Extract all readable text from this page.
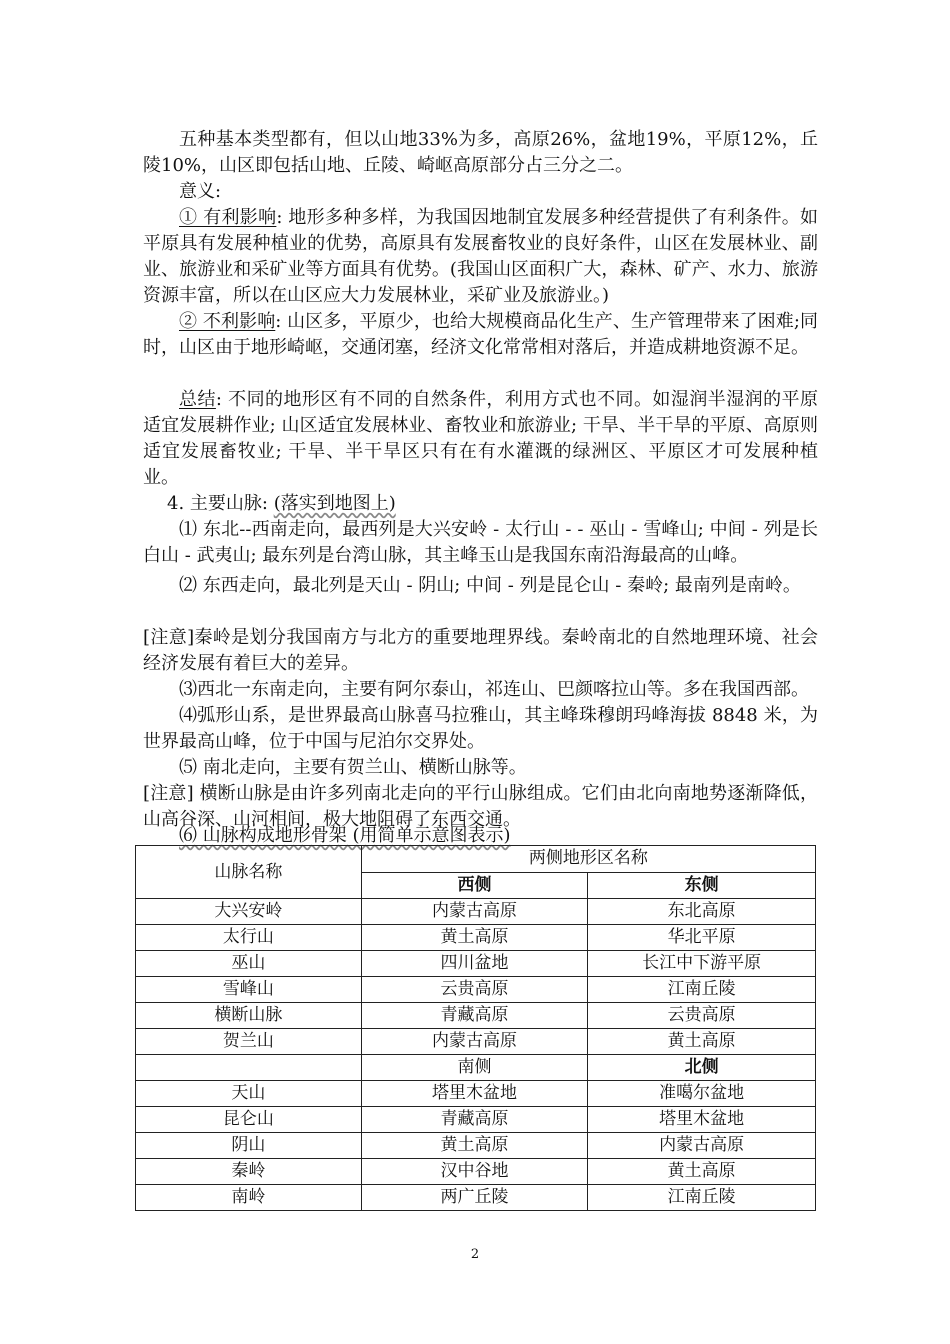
五种基本类型都有，但以山地33%为多，高原26%，盆地19%，平原12%，丘陵10%，山区即包括山地、丘陵、崎岖高原部分占三分之二。

意义:

① 有利影响: 地形多种多样，为我国因地制宜发展多种经营提供了有利条件。如平原具有发展种植业的优势，高原具有发展畜牧业的良好条件，山区在发展林业、副业、旅游业和采矿业等方面具有优势。(我国山区面积广大，森林、矿产、水力、旅游资源丰富，所以在山区应大力发展林业，采矿业及旅游业。)

② 不利影响: 山区多，平原少，也给大规模商品化生产、生产管理带来了困难;同时，山区由于地形崎岖，交通闭塞，经济文化常常相对落后，并造成耕地资源不足。

总结: 不同的地形区有不同的自然条件，利用方式也不同。如湿润半湿润的平原适宜发展耕作业; 山区适宜发展林业、畜牧业和旅游业; 干旱、半干旱的平原、高原则适宜发展畜牧业; 干旱、半干旱区只有在有水灌溉的绿洲区、平原区才可发展种植业。

4. 主要山脉: (落实到地图上)

⑴ 东北--西南走向，最西列是大兴安岭 - 太行山 - - 巫山 - 雪峰山; 中间 - 列是长白山 - 武夷山; 最东列是台湾山脉，其主峰玉山是我国东南沿海最高的山峰。

⑵ 东西走向，最北列是天山 - 阴山; 中间 - 列是昆仑山 - 秦岭; 最南列是南岭。

[注意]秦岭是划分我国南方与北方的重要地理界线。秦岭南北的自然地理环境、社会经济发展有着巨大的差异。

⑶西北一东南走向，主要有阿尔泰山，祁连山、巴颜喀拉山等。多在我国西部。

⑷弧形山系，是世界最高山脉喜马拉雅山，其主峰珠穆朗玛峰海拔 8848 米，为世界最高山峰，位于中国与尼泊尔交界处。

⑸ 南北走向，主要有贺兰山、横断山脉等。

[注意] 横断山脉是由许多列南北走向的平行山脉组成。它们由北向南地势逐渐降低，山高谷深、山河相间，极大地阻碍了东西交通。

⑹ 山脉构成地形骨架 (用简单示意图表示)

山脉名称	两侧地形区名称	
	西侧	东侧
大兴安岭	内蒙古高原	东北高原
太行山	黄土高原	华北平原
巫山	四川盆地	长江中下游平原
雪峰山	云贵高原	江南丘陵
横断山脉	青藏高原	云贵高原
贺兰山	内蒙古高原	黄土高原
	南侧	北侧
天山	塔里木盆地	准噶尔盆地
昆仑山	青藏高原	塔里木盆地
阴山	黄土高原	内蒙古高原
秦岭	汉中谷地	黄土高原
南岭	两广丘陵	江南丘陵
2
